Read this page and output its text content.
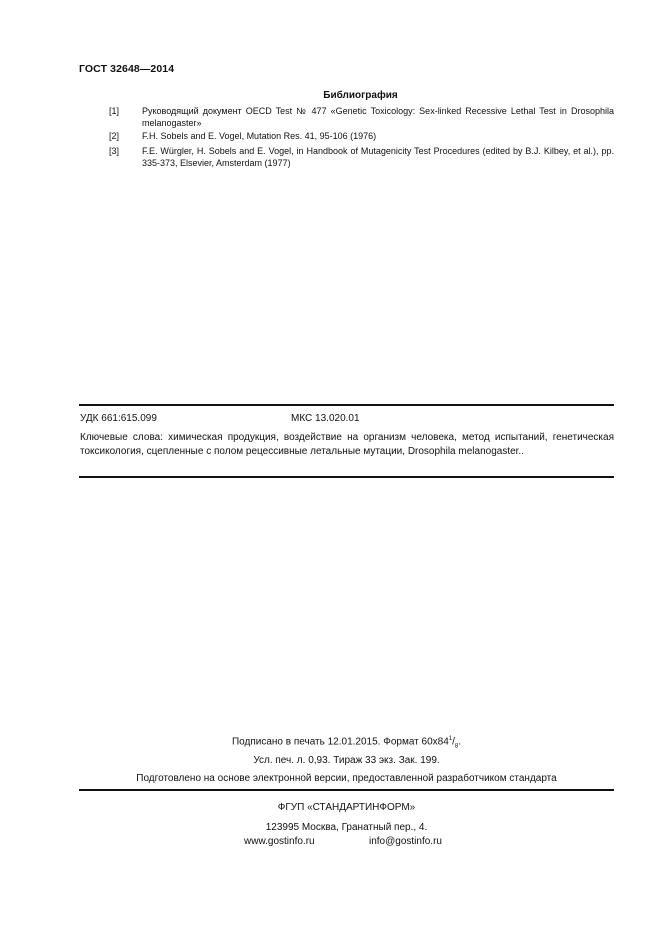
ГОСТ 32648—2014
Библиография
[1]	Руководящий документ OECD Test № 477 «Genetic Toxicology: Sex-linked Recessive Lethal Test in Drosophila melanogaster»
[2]	F.H. Sobels and E. Vogel, Mutation Res. 41, 95-106 (1976)
[3]	F.E. Würgler, H. Sobels and E. Vogel, in Handbook of Mutagenicity Test Procedures (edited by B.J. Kilbey, et al.), pp. 335-373, Elsevier, Amsterdam (1977)
УДК 661:615.099	МКС 13.020.01
Ключевые слова: химическая продукция, воздействие на организм человека, метод испытаний, генетическая токсикология, сцепленные с полом рецессивные летальные мутации, Drosophila melanogaster..
Подписано в печать 12.01.2015. Формат $60x84^1/_8$.
Усл. печ. л. 0,93. Тираж 33 экз. Зак. 199.
Подготовлено на основе электронной версии, предоставленной разработчиком стандарта
ФГУП «СТАНДАРТИНФОРМ»
123995 Москва, Гранатный пер., 4.
www.gostinfo.ru	info@gostinfo.ru
